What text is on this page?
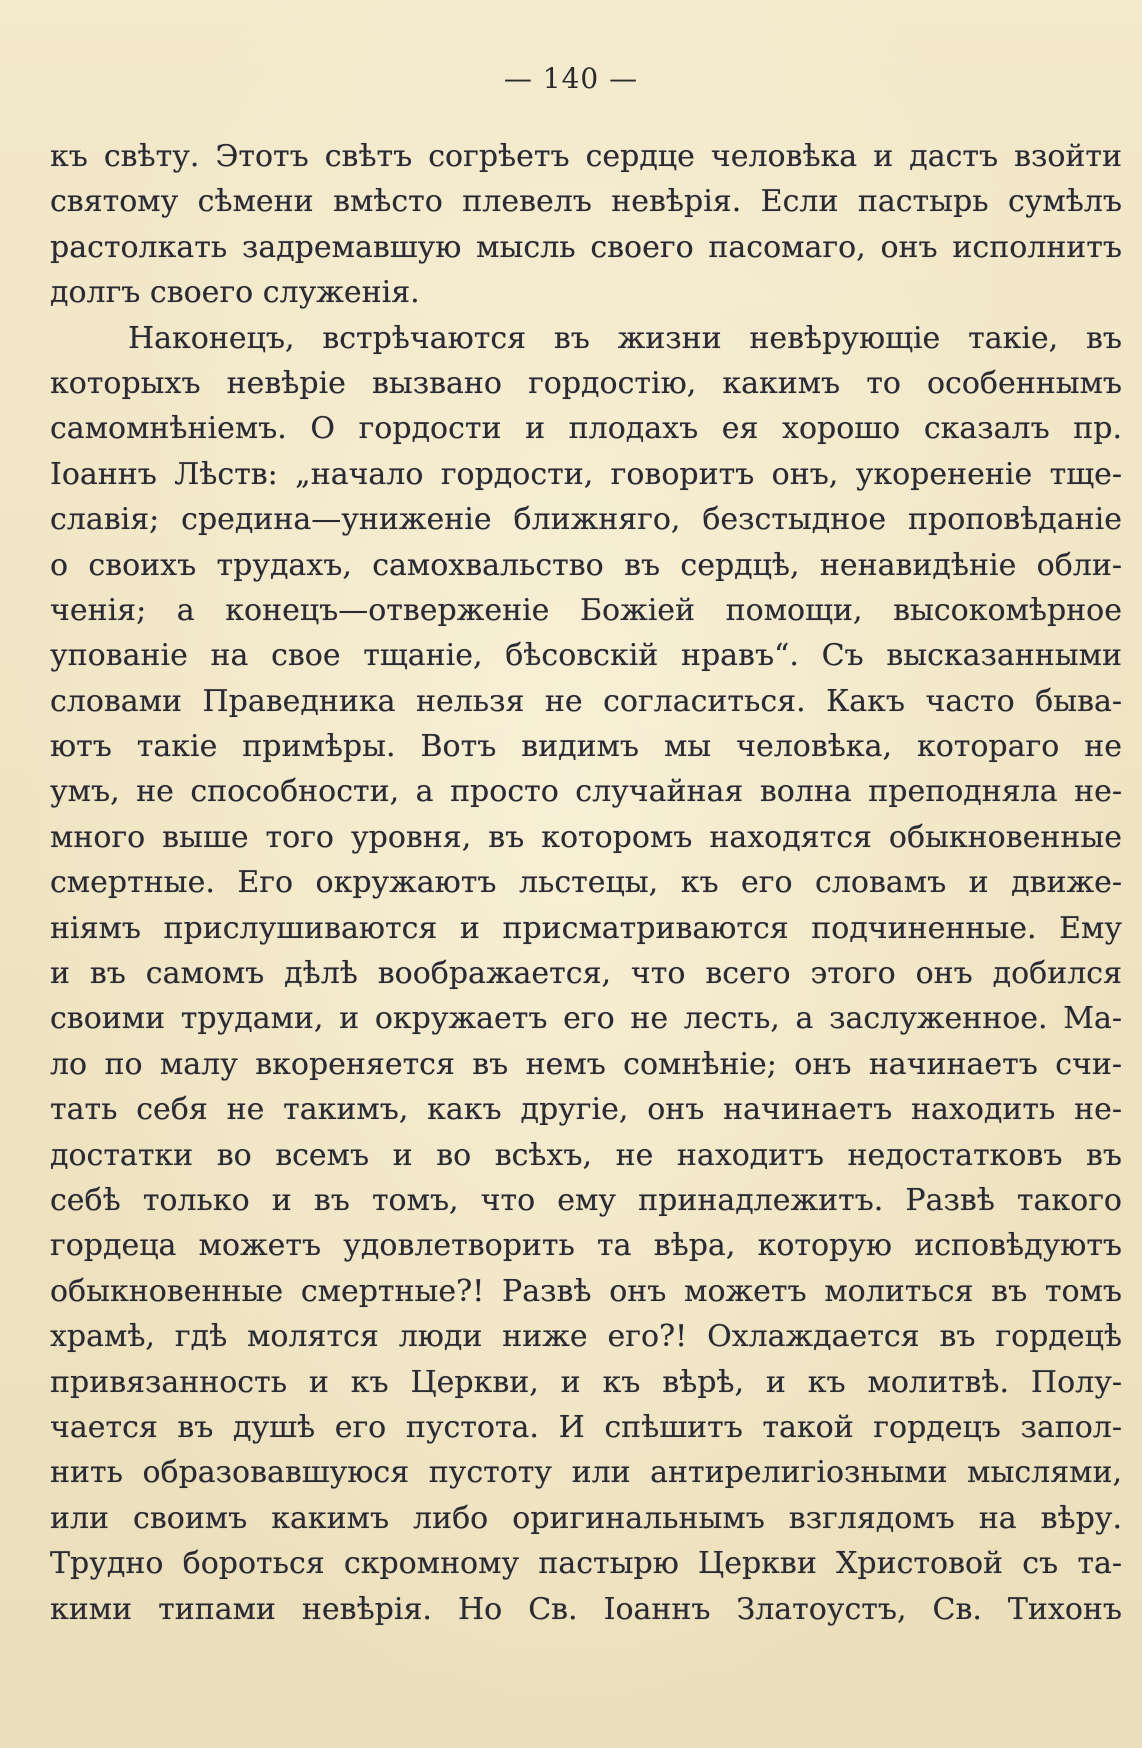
— 140 —
къ свѣту. Этотъ свѣтъ согрѣетъ сердце человѣка и дастъ взойти
святому сѣмени вмѣсто плевелъ невѣрія. Если пастырь сумѣлъ
растолкать задремавшую мысль своего пасомаго, онъ исполнитъ
долгъ своего служенія.
Наконецъ, встрѣчаются въ жизни невѣрующіе такіе, въ
которыхъ невѣріе вызвано гордостію, какимъ то особеннымъ
самомнѣніемъ. О гордости и плодахъ ея хорошо сказалъ пр.
Іоаннъ Лѣств: „начало гордости, говоритъ онъ, укорененіе тще-
славія; средина—униженіе ближняго, безстыдное проповѣданіе
о своихъ трудахъ, самохвальство въ сердцѣ, ненавидѣніе обли-
ченія; а конецъ—отверженіе Божіей помощи, высокомѣрное
упованіе на свое тщаніе, бѣсовскій нравъ“. Съ высказанными
словами Праведника нельзя не согласиться. Какъ часто быва-
ютъ такіе примѣры. Вотъ видимъ мы человѣка, котораго не
умъ, не способности, а просто случайная волна преподняла не-
много выше того уровня, въ которомъ находятся обыкновенные
смертные. Его окружаютъ льстецы, къ его словамъ и движе-
ніямъ прислушиваются и присматриваются подчиненные. Ему
и въ самомъ дѣлѣ воображается, что всего этого онъ добился
своими трудами, и окружаетъ его не лесть, а заслуженное. Ма-
ло по малу вкореняется въ немъ сомнѣніе; онъ начинаетъ счи-
тать себя не такимъ, какъ другіе, онъ начинаетъ находить не-
достатки во всемъ и во всѣхъ, не находитъ недостатковъ въ
себѣ только и въ томъ, что ему принадлежитъ. Развѣ такого
гордеца можетъ удовлетворить та вѣра, которую исповѣдуютъ
обыкновенные смертные?! Развѣ онъ можетъ молиться въ томъ
храмѣ, гдѣ молятся люди ниже его?! Охлаждается въ гордецѣ
привязанность и къ Церкви, и къ вѣрѣ, и къ молитвѣ. Полу-
чается въ душѣ его пустота. И спѣшитъ такой гордецъ запол-
нить образовавшуюся пустоту или антирелигіозными мыслями,
или своимъ какимъ либо оригинальнымъ взглядомъ на вѣру.
Трудно бороться скромному пастырю Церкви Христовой съ та-
кими типами невѣрія. Но Св. Іоаннъ Златоустъ, Св. Тихонъ
